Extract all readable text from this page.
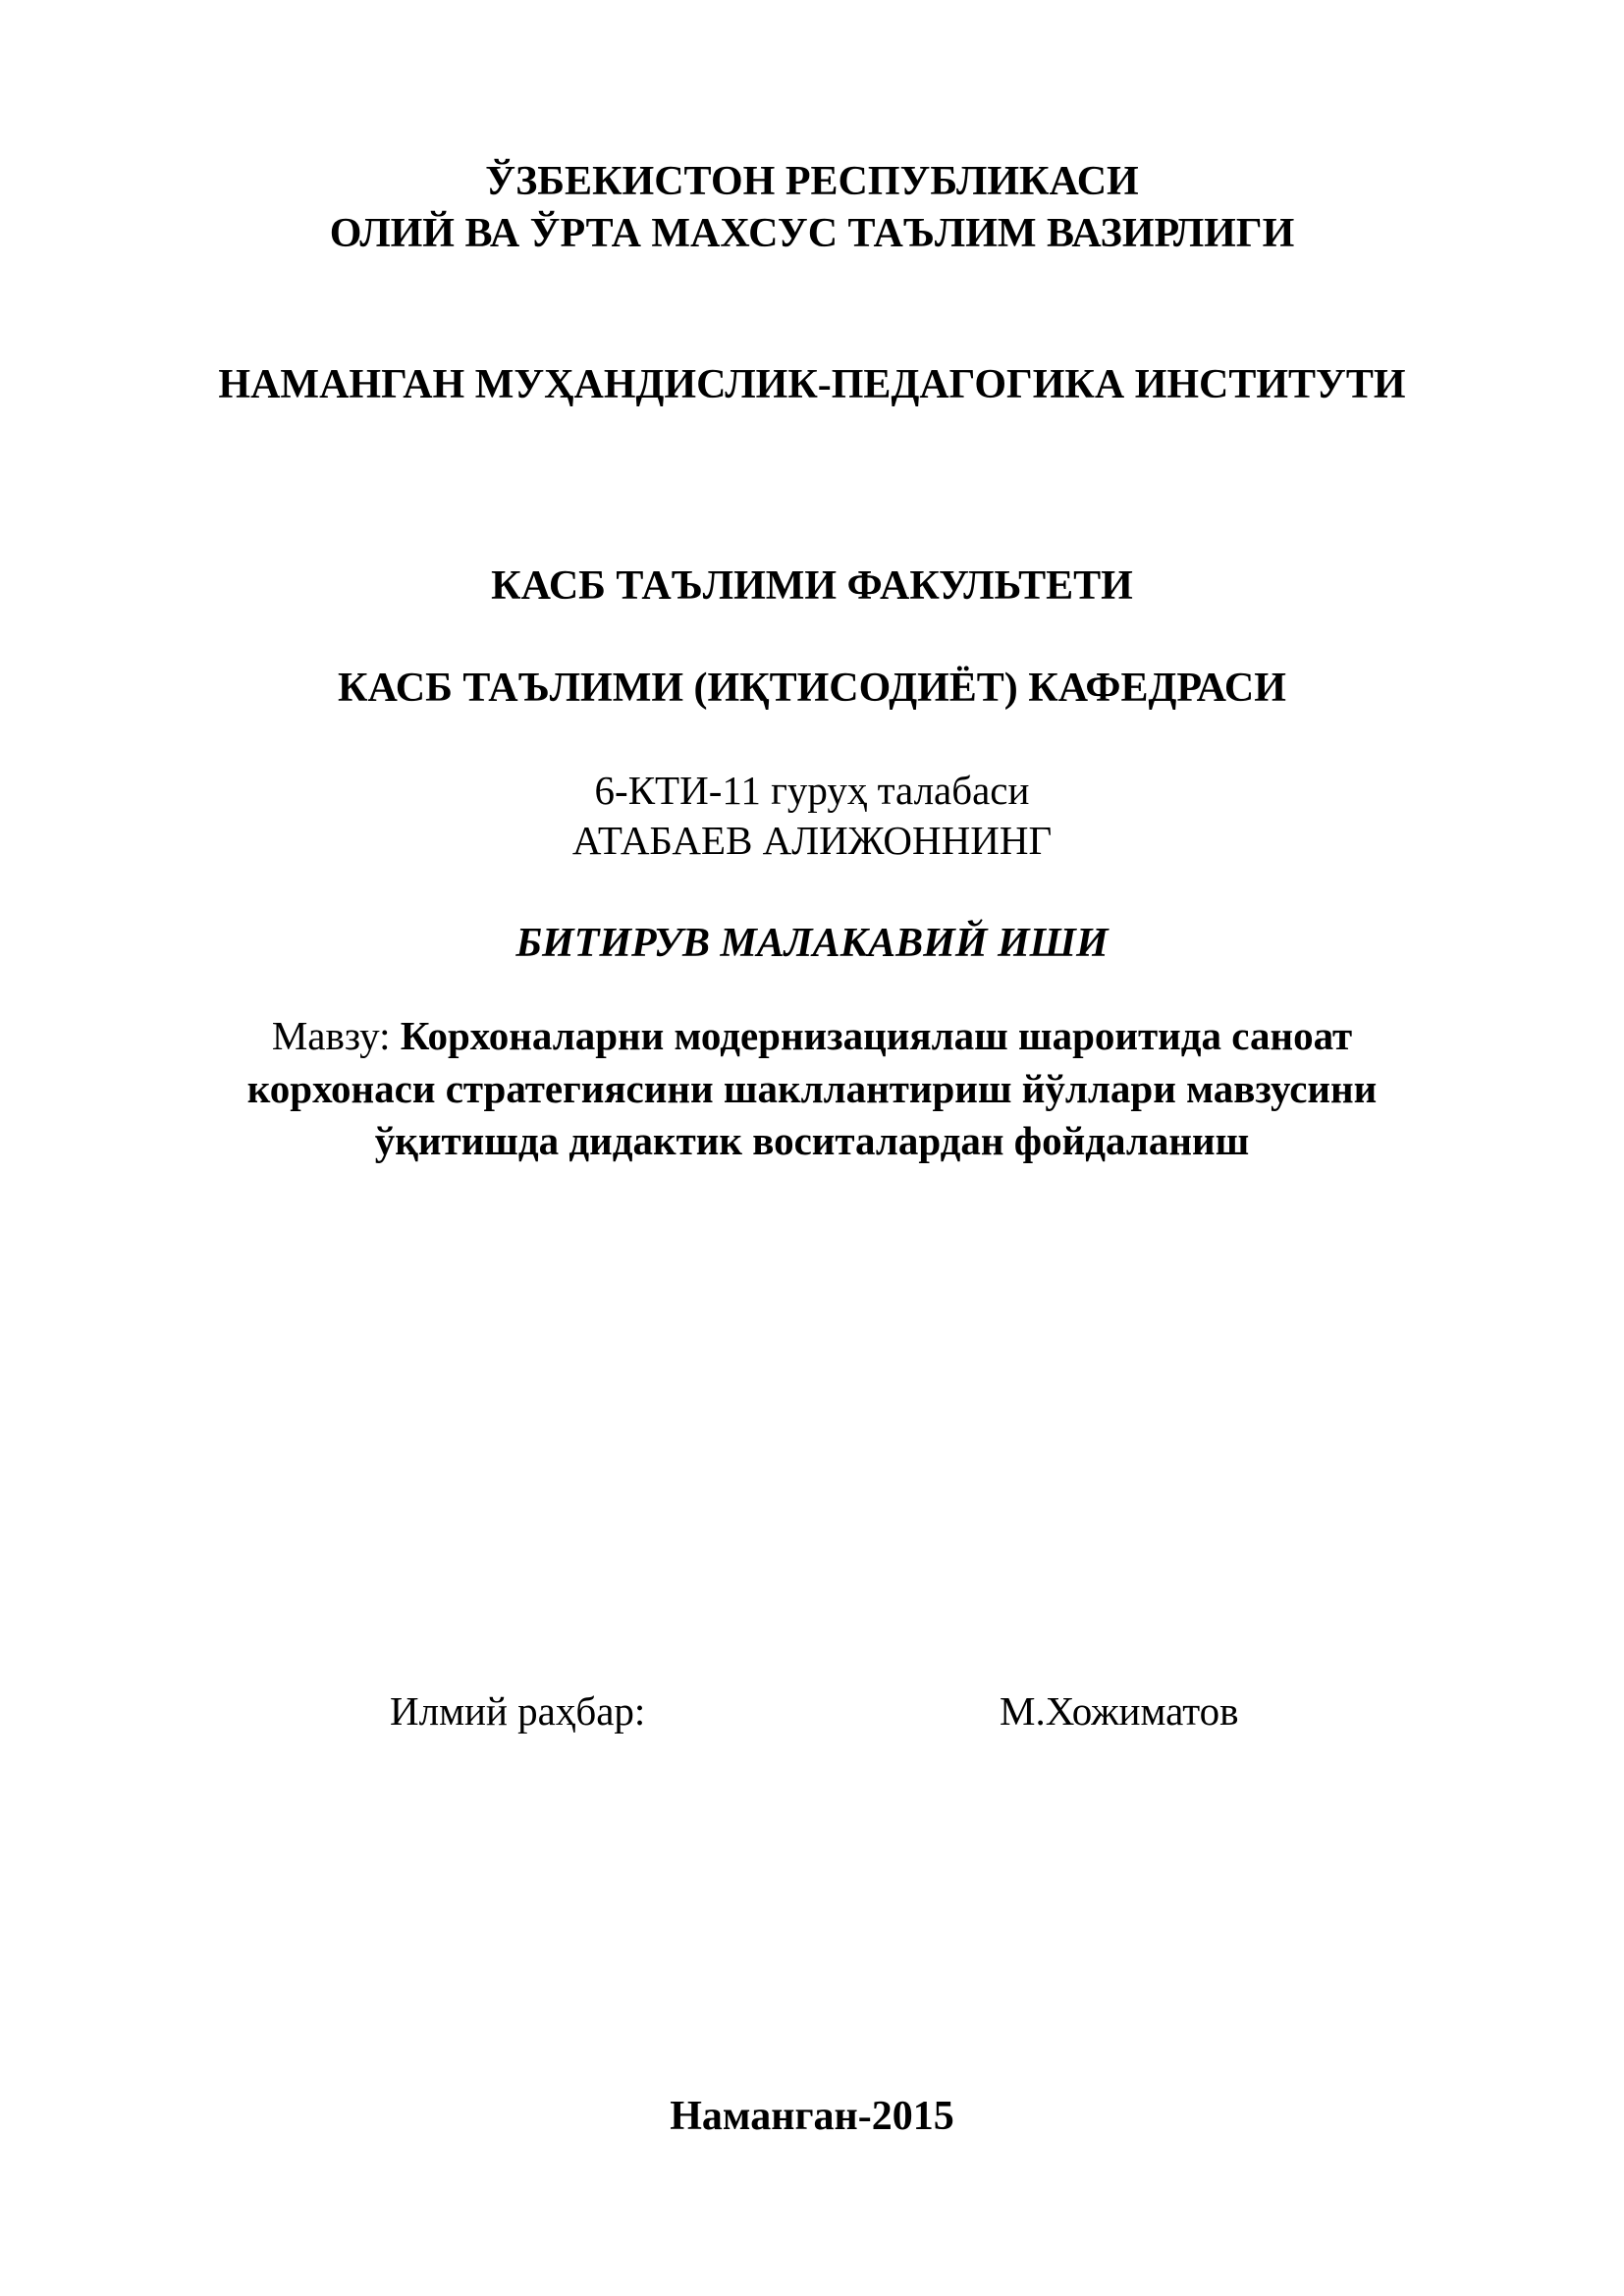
ЎЗБЕКИСТОН РЕСПУБЛИКАСИ
ОЛИЙ ВА ЎРТА МАХСУС ТАЪЛИМ ВАЗИРЛИГИ
НАМАНГАН МУҲАНДИСЛИК-ПЕДАГОГИКА ИНСТИТУТИ
КАСБ ТАЪЛИМИ ФАКУЛЬТЕТИ
КАСБ ТАЪЛИМИ (ИҚТИСОДИЁТ) КАФЕДРАСИ
6-КТИ-11 гуруҳ талабаси
АТАБАЕВ АЛИЖОННИНГ
БИТИРУВ МАЛАКАВИЙ ИШИ
Мавзу: Корхоналарни модернизациялаш шароитида саноат
корхонаси стратегиясини шакллантириш йўллари мавзусини
ўқитишда дидактик воситалардан фойдаланиш
Илмий раҳбар:	М.Хожиматов
Наманган-2015
